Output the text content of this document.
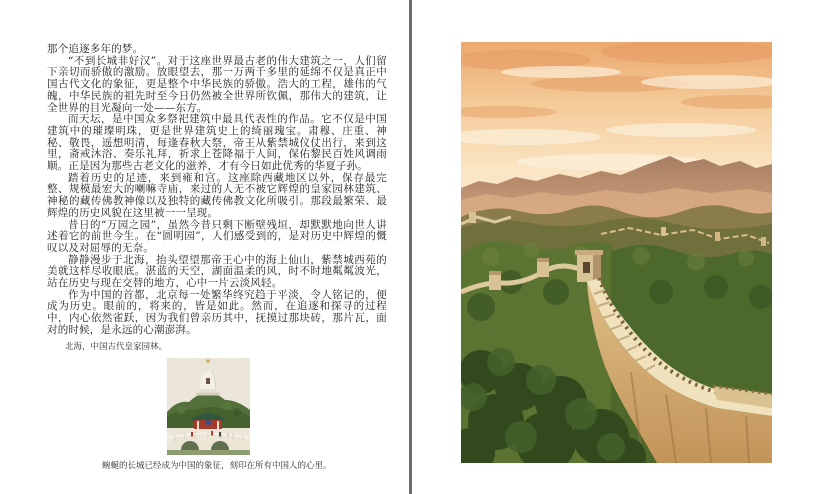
那个追逐多年的梦。

“不到长城非好汉”。对于这座世界最古老的伟大建筑之一，人们留下亲切而骄傲的激励。放眼望去，那一万两千多里的延绵不仅是真正中国古代文化的象征，更是整个中华民族的骄傲。浩大的工程，雄伟的气魄，中华民族的祖先时至今日仍然被全世界所钦佩，那伟大的建筑，让全世界的目光凝向一处——东方。

而天坛，是中国众多祭祀建筑中最具代表性的作品。它不仅是中国建筑中的璀璨明珠，更是世界建筑史上的绮丽瑰宝。肃穆、庄重、神秘、敬畏，遥想明清，每逢春秋大祭，帝王从紫禁城仪仗出行，来到这里，斋戒沐浴、奏乐礼拜，祈求上苍降福于人间，保佑黎民百姓风调雨顺。正是因为那些古老文化的滋养，才有今日如此优秀的华夏子孙。

踏着历史的足迹，来到雍和宫。这座除西藏地区以外，保存最完整、规模最宏大的喇嘛寺庙，来过的人无不被它辉煌的皇家园林建筑、神秘的藏传佛教神像以及独特的藏传佛教文化所吸引。那段最繁荣、最辉煌的历史风貌在这里被一一呈现。

昔日的“万园之园”，虽然今昔只剩下断壁残垣，却默默地向世人讲述着它的前世今生。在“圆明园”，人们感受到的，是对历史中辉煌的慨叹以及对屈辱的无奈。

静静漫步于北海，抬头望望那帝王心中的海上仙山，紫禁城西苑的美就这样尽收眼底。湛蓝的天空，湖面温柔的风，时不时地粼粼波光，站在历史与现在交替的地方，心中一片云淡风轻。

作为中国的首都，北京每一处繁华终究趋于平淡，令人铭记的，便成为历史。眼前的，将来的，皆是如此。然而，在追逐和探寻的过程中，内心依然雀跃，因为我们曾亲历其中，抚摸过那块砖，那片瓦，面对的时候，是永远的心潮澎湃。

北海，中国古代皇家园林。

蜿蜒的长城已经成为中国的象征，刻印在所有中国人的心里。
